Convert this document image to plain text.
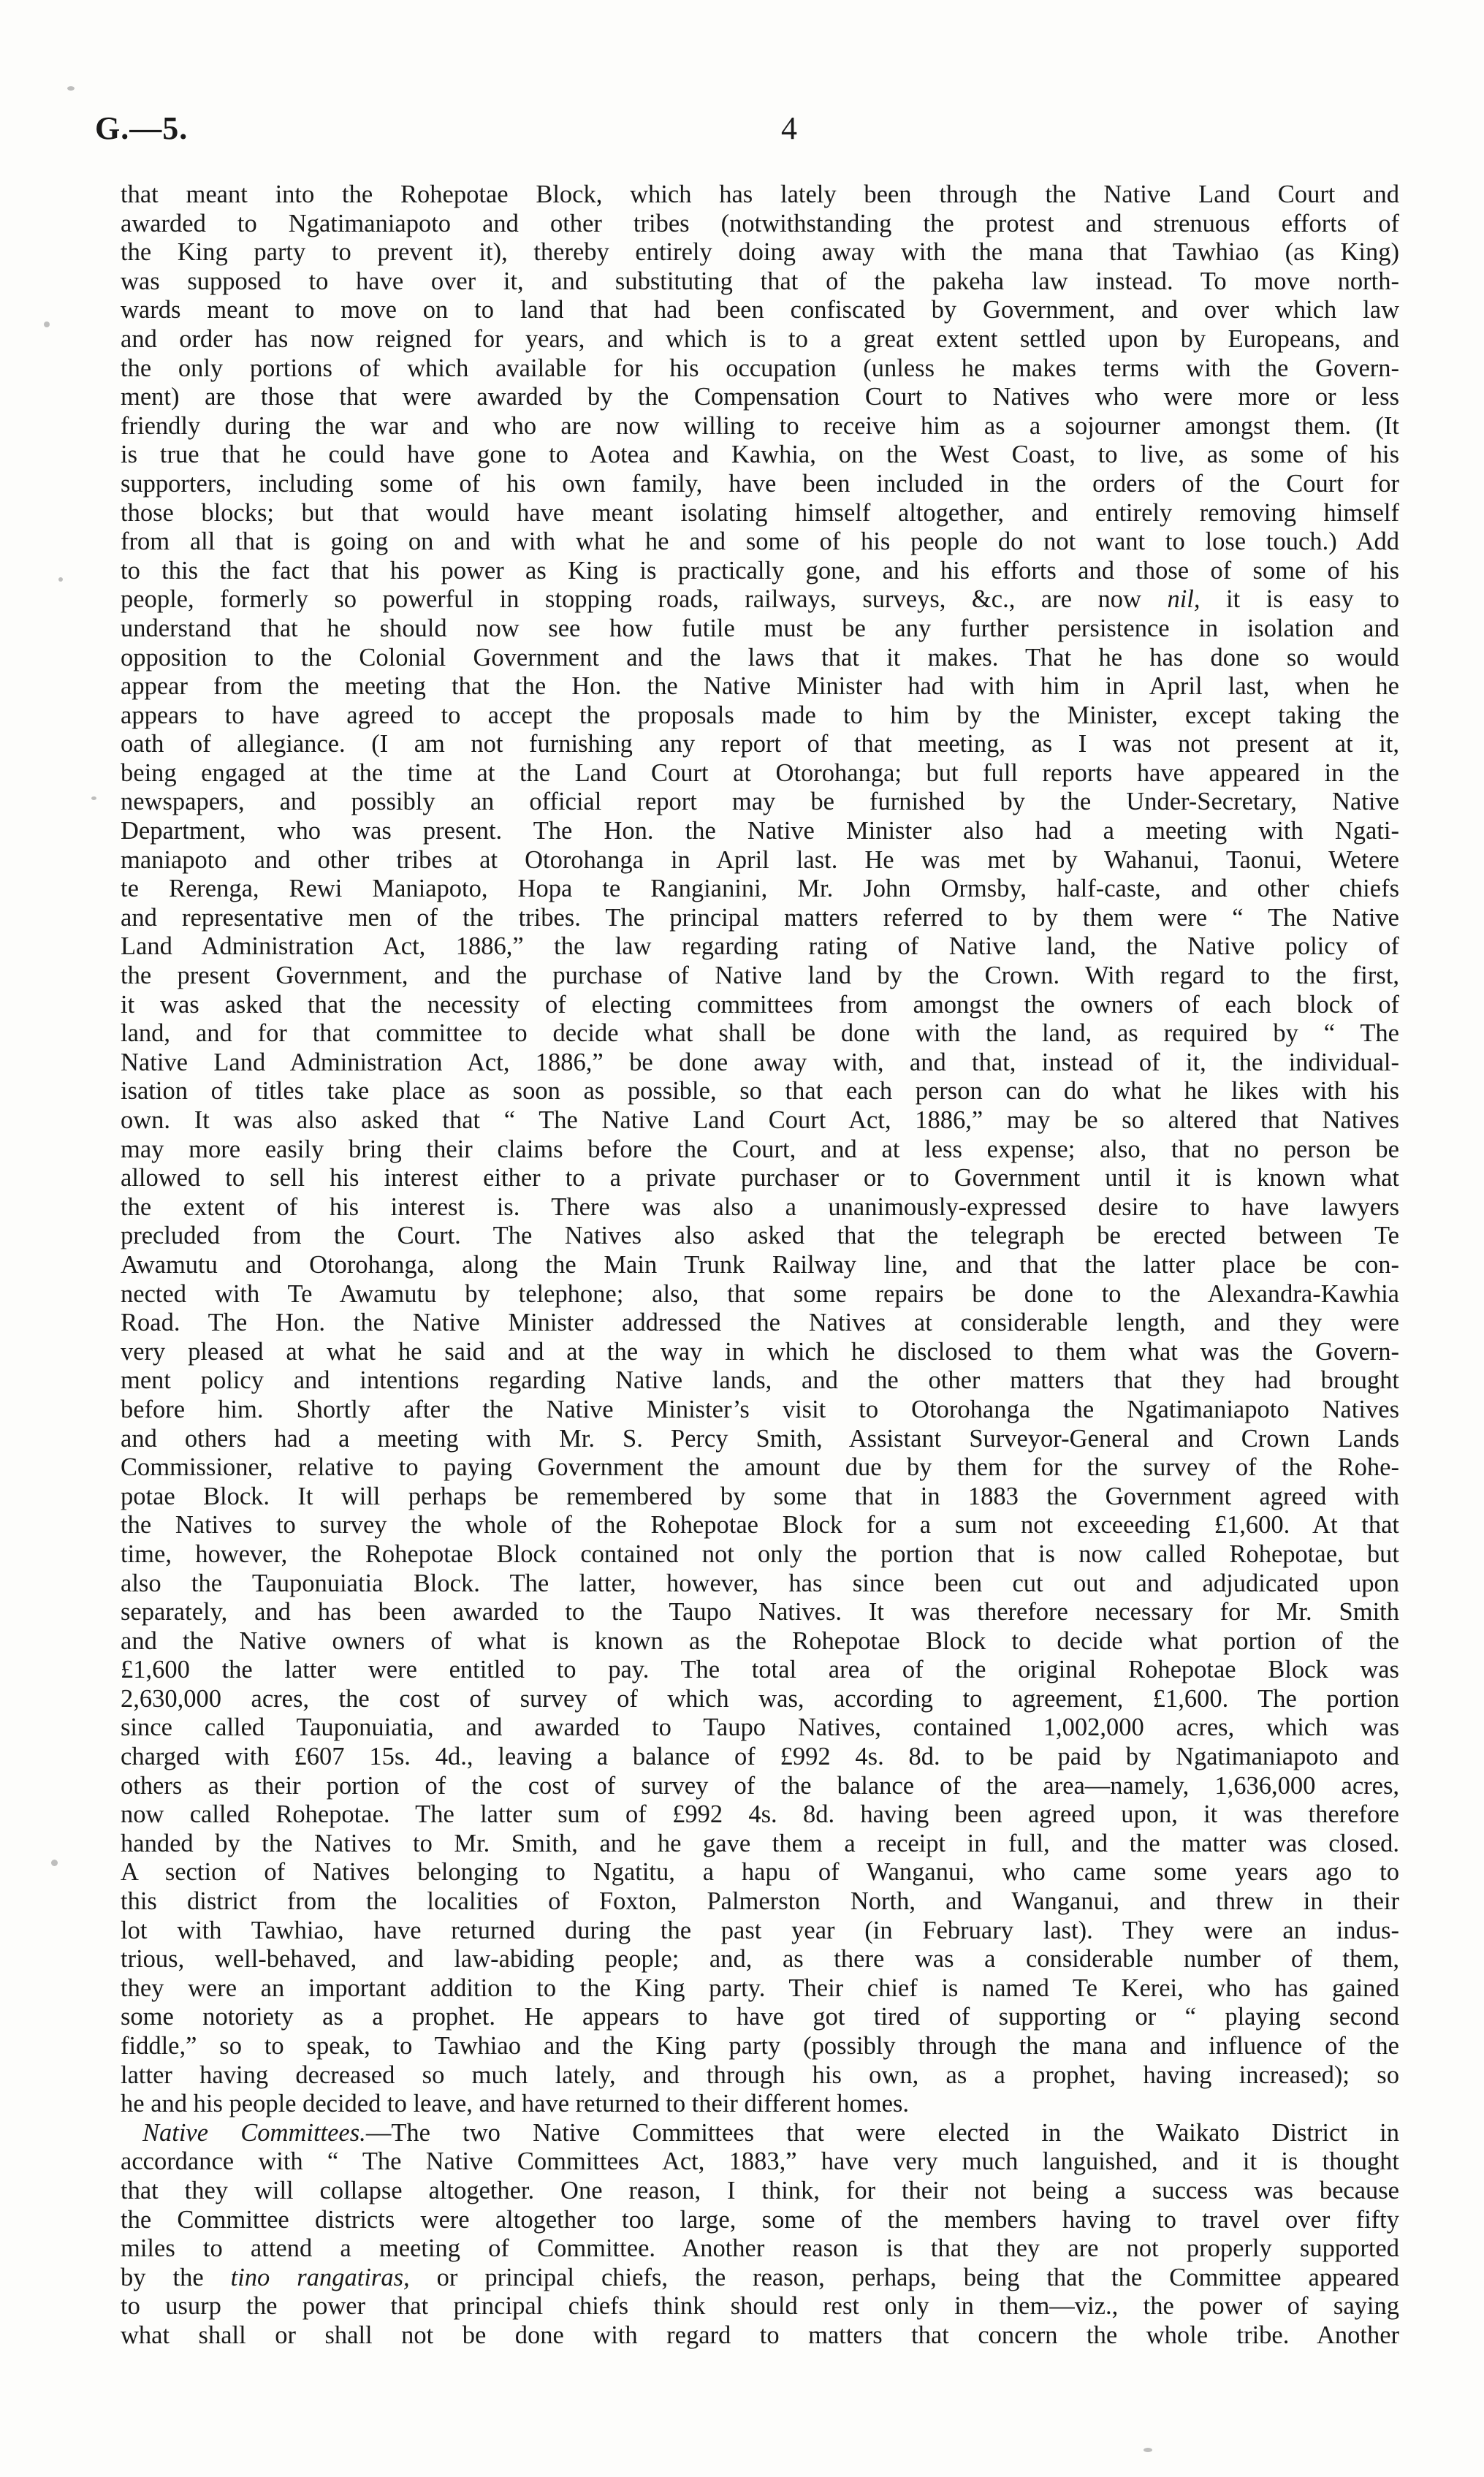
G.—5.	4
that meant into the Rohepotae Block, which has lately been through the Native Land Court and
awarded to Ngatimaniapoto and other tribes (notwithstanding the protest and strenuous efforts of
the King party to prevent it), thereby entirely doing away with the mana that Tawhiao (as King)
was supposed to have over it, and substituting that of the pakeha law instead. To move north-
wards meant to move on to land that had been confiscated by Government, and over which law
and order has now reigned for years, and which is to a great extent settled upon by Europeans, and
the only portions of which available for his occupation (unless he makes terms with the Govern-
ment) are those that were awarded by the Compensation Court to Natives who were more or less
friendly during the war and who are now willing to receive him as a sojourner amongst them. (It
is true that he could have gone to Aotea and Kawhia, on the West Coast, to live, as some of his
supporters, including some of his own family, have been included in the orders of the Court for
those blocks; but that would have meant isolating himself altogether, and entirely removing himself
from all that is going on and with what he and some of his people do not want to lose touch.) Add
to this the fact that his power as King is practically gone, and his efforts and those of some of his
people, formerly so powerful in stopping roads, railways, surveys, &c., are now nil, it is easy to
understand that he should now see how futile must be any further persistence in isolation and
opposition to the Colonial Government and the laws that it makes. That he has done so would
appear from the meeting that the Hon. the Native Minister had with him in April last, when he
appears to have agreed to accept the proposals made to him by the Minister, except taking the
oath of allegiance. (I am not furnishing any report of that meeting, as I was not present at it,
being engaged at the time at the Land Court at Otorohanga; but full reports have appeared in the
newspapers, and possibly an official report may be furnished by the Under-Secretary, Native
Department, who was present. The Hon. the Native Minister also had a meeting with Ngati-
maniapoto and other tribes at Otorohanga in April last. He was met by Wahanui, Taonui, Wetere
te Rerenga, Rewi Maniapoto, Hopa te Rangianini, Mr. John Ormsby, half-caste, and other chiefs
and representative men of the tribes. The principal matters referred to by them were “ The Native
Land Administration Act, 1886,” the law regarding rating of Native land, the Native policy of
the present Government, and the purchase of Native land by the Crown. With regard to the first,
it was asked that the necessity of electing committees from amongst the owners of each block of
land, and for that committee to decide what shall be done with the land, as required by “ The
Native Land Administration Act, 1886,” be done away with, and that, instead of it, the individual-
isation of titles take place as soon as possible, so that each person can do what he likes with his
own. It was also asked that “ The Native Land Court Act, 1886,” may be so altered that Natives
may more easily bring their claims before the Court, and at less expense; also, that no person be
allowed to sell his interest either to a private purchaser or to Government until it is known what
the extent of his interest is. There was also a unanimously-expressed desire to have lawyers
precluded from the Court. The Natives also asked that the telegraph be erected between Te
Awamutu and Otorohanga, along the Main Trunk Railway line, and that the latter place be con-
nected with Te Awamutu by telephone; also, that some repairs be done to the Alexandra-Kawhia
Road. The Hon. the Native Minister addressed the Natives at considerable length, and they were
very pleased at what he said and at the way in which he disclosed to them what was the Govern-
ment policy and intentions regarding Native lands, and the other matters that they had brought
before him. Shortly after the Native Minister’s visit to Otorohanga the Ngatimaniapoto Natives
and others had a meeting with Mr. S. Percy Smith, Assistant Surveyor-General and Crown Lands
Commissioner, relative to paying Government the amount due by them for the survey of the Rohe-
potae Block. It will perhaps be remembered by some that in 1883 the Government agreed with
the Natives to survey the whole of the Rohepotae Block for a sum not exceeeding £1,600. At that
time, however, the Rohepotae Block contained not only the portion that is now called Rohepotae, but
also the Tauponuiatia Block. The latter, however, has since been cut out and adjudicated upon
separately, and has been awarded to the Taupo Natives. It was therefore necessary for Mr. Smith
and the Native owners of what is known as the Rohepotae Block to decide what portion of the
£1,600 the latter were entitled to pay. The total area of the original Rohepotae Block was
2,630,000 acres, the cost of survey of which was, according to agreement, £1,600. The portion
since called Tauponuiatia, and awarded to Taupo Natives, contained 1,002,000 acres, which was
charged with £607 15s. 4d., leaving a balance of £992 4s. 8d. to be paid by Ngatimaniapoto and
others as their portion of the cost of survey of the balance of the area—namely, 1,636,000 acres,
now called Rohepotae. The latter sum of £992 4s. 8d. having been agreed upon, it was therefore
handed by the Natives to Mr. Smith, and he gave them a receipt in full, and the matter was closed.
A section of Natives belonging to Ngatitu, a hapu of Wanganui, who came some years ago to
this district from the localities of Foxton, Palmerston North, and Wanganui, and threw in their
lot with Tawhiao, have returned during the past year (in February last). They were an indus-
trious, well-behaved, and law-abiding people; and, as there was a considerable number of them,
they were an important addition to the King party. Their chief is named Te Kerei, who has gained
some notoriety as a prophet. He appears to have got tired of supporting or “ playing second
fiddle,” so to speak, to Tawhiao and the King party (possibly through the mana and influence of the
latter having decreased so much lately, and through his own, as a prophet, having increased); so
he and his people decided to leave, and have returned to their different homes.
Native Committees.—The two Native Committees that were elected in the Waikato District in
accordance with “ The Native Committees Act, 1883,” have very much languished, and it is thought
that they will collapse altogether. One reason, I think, for their not being a success was because
the Committee districts were altogether too large, some of the members having to travel over fifty
miles to attend a meeting of Committee. Another reason is that they are not properly supported
by the tino rangatiras, or principal chiefs, the reason, perhaps, being that the Committee appeared
to usurp the power that principal chiefs think should rest only in them—viz., the power of saying
what shall or shall not be done with regard to matters that concern the whole tribe. Another
